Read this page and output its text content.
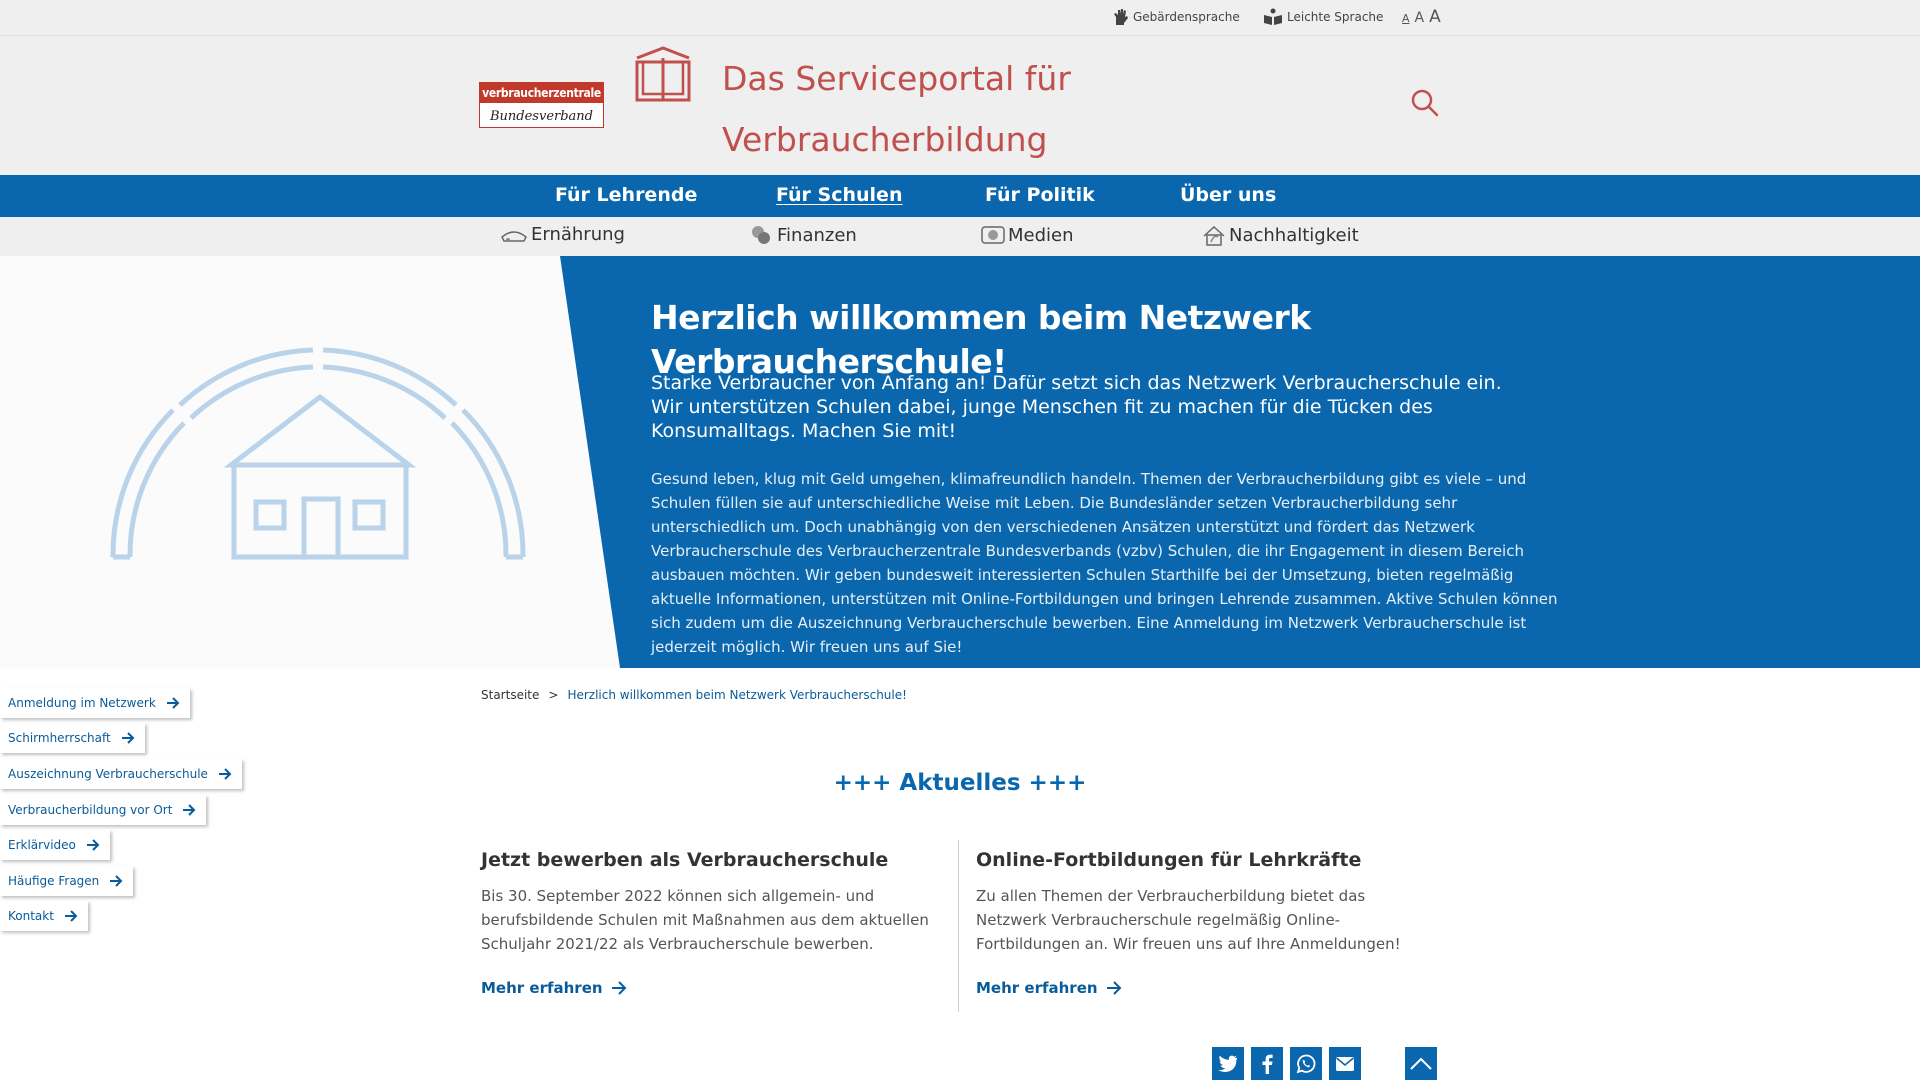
Gebärdensprache	Leichte Sprache A A A
verbraucherzentrale
Bundesverband
Das Serviceportal für Verbraucherbildung
Für Lehrende	Für Schulen	Für Politik	Über uns
Ernährung	Finanzen	Medien	Nachhaltigkeit
Herzlich willkommen beim Netzwerk Verbraucherschule!

Starke Verbraucher von Anfang an! Dafür setzt sich das Netzwerk Verbraucherschule ein. Wir unterstützen Schulen dabei, junge Menschen fit zu machen für die Tücken des Konsumalltags. Machen Sie mit!

Gesund leben, klug mit Geld umgehen, klimafreundlich handeln. Themen der Verbraucherbildung gibt es viele – und Schulen füllen sie auf unterschiedliche Weise mit Leben. Die Bundesländer setzen Verbraucherbildung sehr unterschiedlich um. Doch unabhängig von den verschiedenen Ansätzen unterstützt und fördert das Netzwerk Verbraucherschule des Verbraucherzentrale Bundesverbands (vzbv) Schulen, die ihr Engagement in diesem Bereich ausbauen möchten. Wir geben bundesweit interessierten Schulen Starthilfe bei der Umsetzung, bieten regelmäßig aktuelle Informationen, unterstützen mit Online-Fortbildungen und bringen Lehrende zusammen. Aktive Schulen können sich zudem um die Auszeichnung Verbraucherschule bewerben. Eine Anmeldung im Netzwerk Verbraucherschule ist jederzeit möglich. Wir freuen uns auf Sie!

Anmeldung im Netzwerk
Schirmherrschaft
Auszeichnung Verbraucherschule
Verbraucherbildung vor Ort
Erklärvideo
Häufige Fragen
Kontakt
Startseite > Herzlich willkommen beim Netzwerk Verbraucherschule!
+++ Aktuelles +++
Jetzt bewerben als Verbraucherschule

Bis 30. September 2022 können sich allgemein- und berufsbildende Schulen mit Maßnahmen aus dem aktuellen Schuljahr 2021/22 als Verbraucherschule bewerben.

Mehr erfahren
Online-Fortbildungen für Lehrkräfte

Zu allen Themen der Verbraucherbildung bietet das Netzwerk Verbraucherschule regelmäßig Online-Fortbildungen an. Wir freuen uns auf Ihre Anmeldungen!

Mehr erfahren
